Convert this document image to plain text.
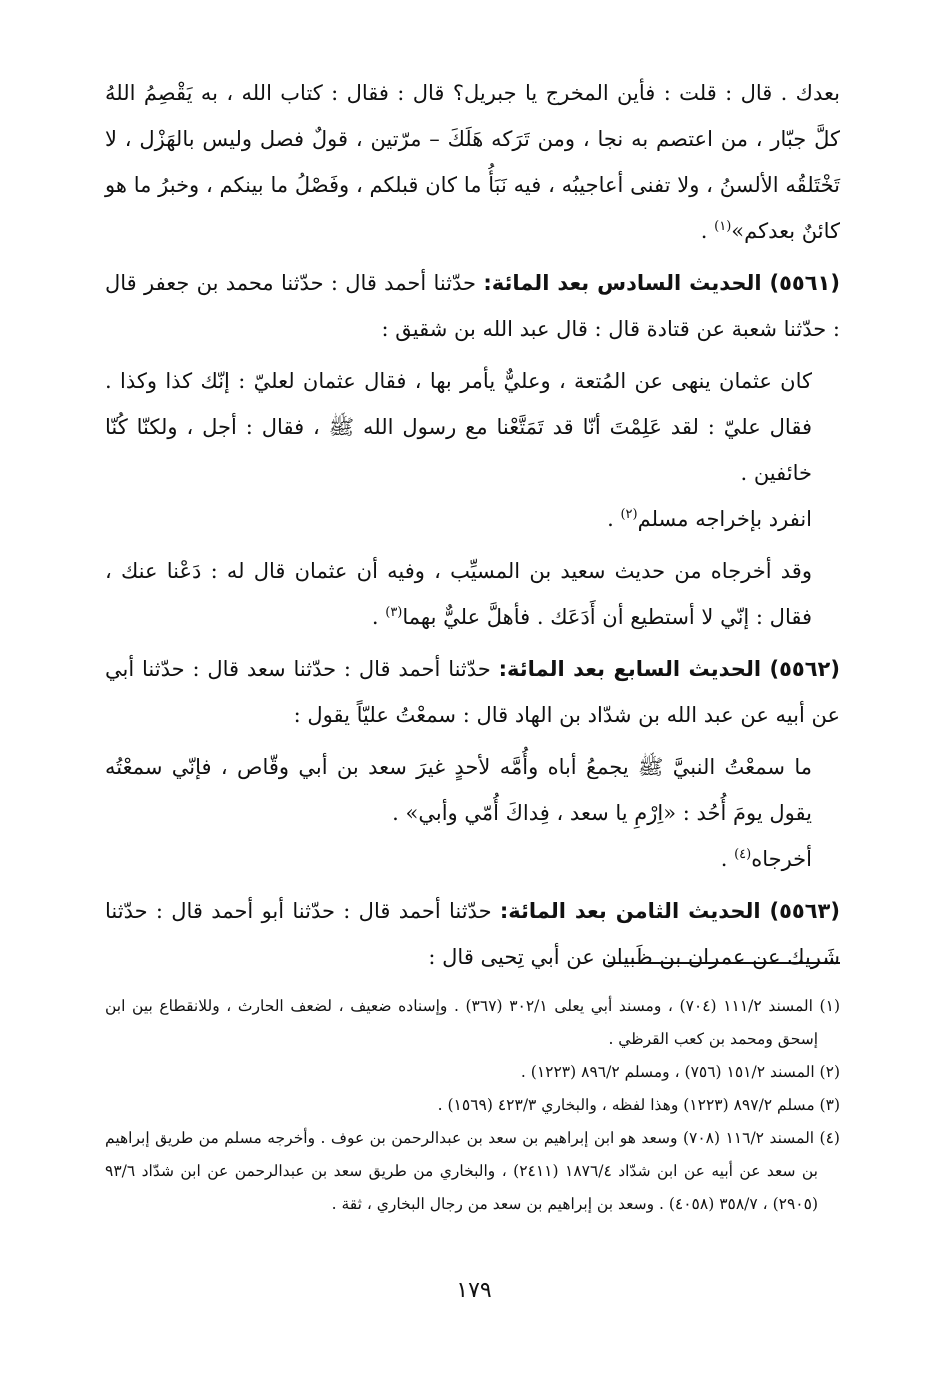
بعدك . قال : قلت : فأين المخرج يا جبريل؟ قال : فقال : كتاب الله ، به يَقْصِمُ اللهُ كلَّ جبّار ، من اعتصم به نجا ، ومن تَرَكه هَلَكَ – مرّتين ، قولٌ فصل وليس بالهَزْل ، لا تَخْتَلقُه الألسنُ ، ولا تفنى أعاجيبُه ، فيه نَبَأُ ما كان قبلكم ، وفَصْلُ ما بينكم ، وخبرُ ما هو كائنٌ بعدكم»$^{(١)}$ .

(٥٥٦١) الحديث السادس بعد المائة: حدّثنا أحمد قال : حدّثنا محمد بن جعفر قال : حدّثنا شعبة عن قتادة قال : قال عبد الله بن شقيق :

كان عثمان ينهى عن المُتعة ، وعليٌّ يأمر بها ، فقال عثمان لعليّ : إنّك كذا وكذا . فقال عليّ : لقد عَلِمْتَ أنّا قد تَمَتَّعْنا مع رسول الله ﷺ ، فقال : أجل ، ولكنّا كُنّا خائفين .

انفرد بإخراجه مسلم$^{(٢)}$ .

وقد أخرجاه من حديث سعيد بن المسيِّب ، وفيه أن عثمان قال له : دَعْنا عنك ، فقال : إنّي لا أستطيع أن أَدَعَك . فأهلَّ عليٌّ بهما$^{(٣)}$ .

(٥٥٦٢) الحديث السابع بعد المائة: حدّثنا أحمد قال : حدّثنا سعد قال : حدّثنا أبي عن أبيه عن عبد الله بن شدّاد بن الهاد قال : سمعْتُ عليّاً يقول :

ما سمعْتُ النبيَّ ﷺ يجمعُ أباه وأُمَّه لأحدٍ غيرَ سعد بن أبي وقّاص ، فإنّي سمعْتُه يقول يومَ أُحُد : «اِرْمِ يا سعد ، فِداكَ أُمّي وأبي» .

أخرجاه$^{(٤)}$ .

(٥٥٦٣) الحديث الثامن بعد المائة: حدّثنا أحمد قال : حدّثنا أبو أحمد قال : حدّثنا شَريك عن عمران بن ظَبيان عن أبي تِحيى قال :

(١) المسند ١١١/٢ (٧٠٤) ، ومسند أبي يعلى ٣٠٢/١ (٣٦٧) . وإسناده ضعيف ، لضعف الحارث ، وللانقطاع بين ابن إسحق ومحمد بن كعب القرظي .

(٢) المسند ١٥١/٢ (٧٥٦) ، ومسلم ٨٩٦/٢ (١٢٢٣) .

(٣) مسلم ٨٩٧/٢ (١٢٢٣) وهذا لفظه ، والبخاري ٤٢٣/٣ (١٥٦٩) .

(٤) المسند ١١٦/٢ (٧٠٨) وسعد هو ابن إبراهيم بن سعد بن عبدالرحمن بن عوف . وأخرجه مسلم من طريق إبراهيم بن سعد عن أبيه عن ابن شدّاد ١٨٧٦/٤ (٢٤١١) ، والبخاري من طريق سعد بن عبدالرحمن عن ابن شدّاد ٩٣/٦ (٢٩٠٥) ، ٣٥٨/٧ (٤٠٥٨) . وسعد بن إبراهيم بن سعد من رجال البخاري ، ثقة .

١٧٩
